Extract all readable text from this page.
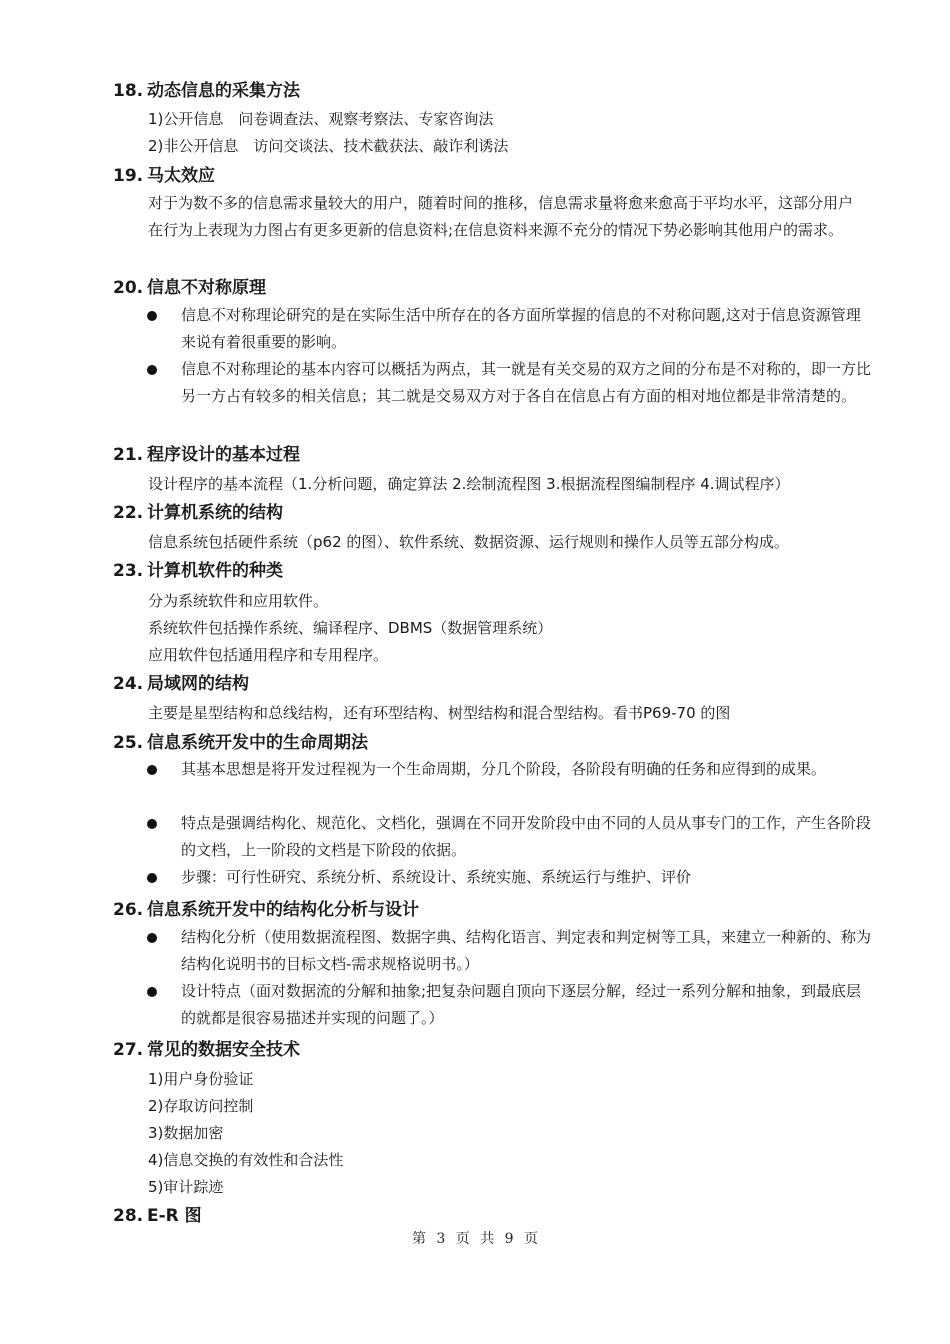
18. 动态信息的采集方法
1)公开信息　问卷调查法、观察考察法、专家咨询法
2)非公开信息　访问交谈法、技术截获法、敲诈利诱法
19. 马太效应
对于为数不多的信息需求量较大的用户，随着时间的推移，信息需求量将愈来愈高于平均水平，这部分用户在行为上表现为力图占有更多更新的信息资料;在信息资料来源不充分的情况下势必影响其他用户的需求。
20. 信息不对称原理
信息不对称理论研究的是在实际生活中所存在的各方面所掌握的信息的不对称问题,这对于信息资源管理来说有着很重要的影响。
信息不对称理论的基本内容可以概括为两点，其一就是有关交易的双方之间的分布是不对称的，即一方比另一方占有较多的相关信息；其二就是交易双方对于各自在信息占有方面的相对地位都是非常清楚的。
21. 程序设计的基本过程
设计程序的基本流程（1.分析问题，确定算法 2.绘制流程图 3.根据流程图编制程序 4.调试程序）
22. 计算机系统的结构
信息系统包括硬件系统（p62 的图）、软件系统、数据资源、运行规则和操作人员等五部分构成。
23. 计算机软件的种类
分为系统软件和应用软件。
系统软件包括操作系统、编译程序、DBMS（数据管理系统）
应用软件包括通用程序和专用程序。
24. 局域网的结构
主要是星型结构和总线结构，还有环型结构、树型结构和混合型结构。看书P69-70 的图
25. 信息系统开发中的生命周期法
其基本思想是将开发过程视为一个生命周期，分几个阶段，各阶段有明确的任务和应得到的成果。
特点是强调结构化、规范化、文档化，强调在不同开发阶段中由不同的人员从事专门的工作，产生各阶段的文档，上一阶段的文档是下阶段的依据。
步骤：可行性研究、系统分析、系统设计、系统实施、系统运行与维护、评价
26. 信息系统开发中的结构化分析与设计
结构化分析（使用数据流程图、数据字典、结构化语言、判定表和判定树等工具，来建立一种新的、称为结构化说明书的目标文档-需求规格说明书。）
设计特点（面对数据流的分解和抽象;把复杂问题自顶向下逐层分解，经过一系列分解和抽象，到最底层的就都是很容易描述并实现的问题了。）
27. 常见的数据安全技术
1)用户身份验证
2)存取访问控制
3)数据加密
4)信息交换的有效性和合法性
5)审计踪迹
28. E-R 图
第 3 页 共 9 页
